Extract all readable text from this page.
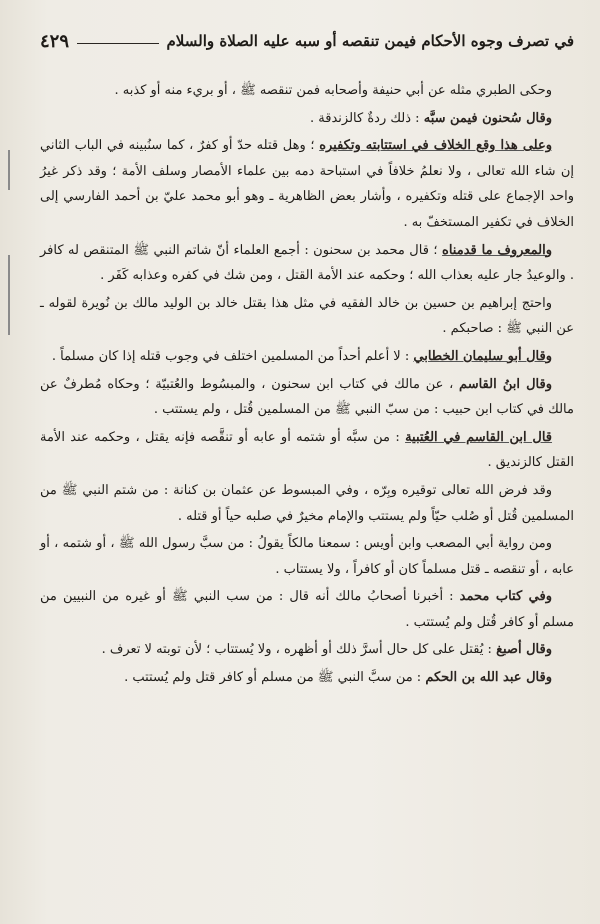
في تصرف وجوه الأحكام فيمن تنقصه أو سبه عليه الصلاة والسلام
٤٢٩

وحكى الطبري مثله عن أبي حنيفة وأصحابه فمن تنقصه ﷺ ، أو بريء منه أو كذبه .

وقال سُحنون فيمن سبَّه : ذلك ردةٌ كالزندقة .

وعلى هذا وقع الخلاف في استتابته وتكفيره ؛ وهل قتله حدّ أو كفرٌ ، كما سنُبينه في الباب الثاني إن شاء الله تعالى ، ولا نعلمُ خلافاً في استباحة دمه بين علماء الأمصار وسلف الأمة ؛ وقد ذكر غيرُ واحد الإجماع على قتله وتكفيره ، وأشار بعض الظاهرية ـ وهو أبو محمد عليّ بن أحمد الفارسي إلى الخلاف في تكفير المستخفّ به .

والمعروف ما قدمناه ؛ قال محمد بن سحنون : أجمع العلماء أنّ شاتم النبي ﷺ المتنقص له كافر . والوعيدُ جار عليه بعذاب الله ؛ وحكمه عند الأمة القتل ، ومن شك في كفره وعذابه كَفَر .

واحتج إبراهيم بن حسين بن خالد الفقيه في مثل هذا بقتل خالد بن الوليد مالك بن نُويرة لقوله ـ عن النبي ﷺ : صاحبكم .

وقال أبو سليمان الخطابي : لا أعلم أحداً من المسلمين اختلف في وجوب قتله إذا كان مسلماً .

وقال ابنُ القاسم ، عن مالك في كتاب ابن سحنون ، والمبسُوط والعُتبيّة ؛ وحكاه مُطرفٌ عن مالك في كتاب ابن حبيب : من سبّ النبي ﷺ من المسلمين قُتل ، ولم يستتب .

قال ابن القاسم في العُتبية : من سبَّه أو شتمه أو عابه أو تنقَّصه فإنه يقتل ، وحكمه عند الأمة القتل كالزنديق .

وقد فرض الله تعالى توقيره وبِرّه ، وفي المبسوط عن عثمان بن كنانة : من شتم النبي ﷺ من المسلمين قُتل أو صُلب حيّاً ولم يستتب والإمام مخيرٌ في صلبه حياً أو قتله .

ومن رواية أبي المصعب وابن أويس : سمعنا مالكاً يقولُ : من سبَّ رسول الله ﷺ ، أو شتمه ، أو عابه ، أو تنقصه ـ قتل مسلماً كان أو كافراً ، ولا يستتاب .

وفي كتاب محمد : أخبرنا أصحابُ مالك أنه قال : من سب النبي ﷺ أو غيره من النبيين من مسلم أو كافر قُتل ولم يُستتب .

وقال أصبغ : يُقتل على كل حال أسرَّ ذلك أو أظهره ، ولا يُستتاب ؛ لأن توبته لا تعرف .

وقال عبد الله بن الحكم : من سبَّ النبي ﷺ من مسلم أو كافر قتل ولم يُستتب .
